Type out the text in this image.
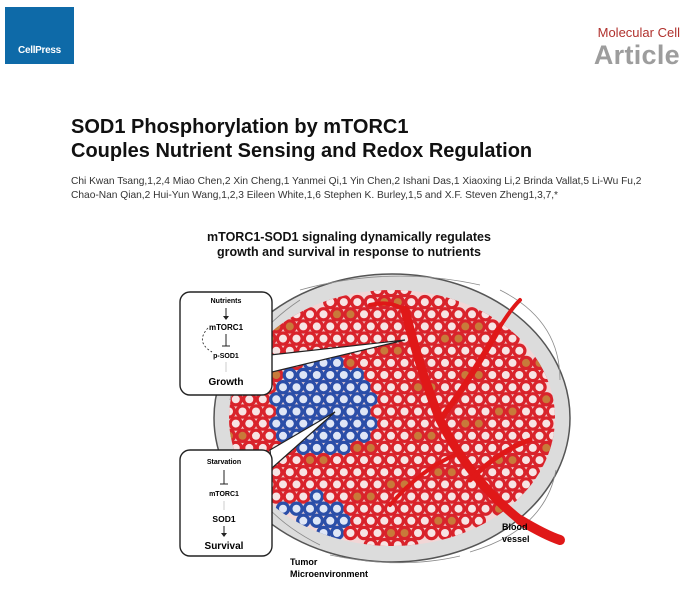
CellPress
Molecular Cell
Article
SOD1 Phosphorylation by mTORC1
Couples Nutrient Sensing and Redox Regulation
Chi Kwan Tsang,1,2,4 Miao Chen,2 Xin Cheng,1 Yanmei Qi,1 Yin Chen,2 Ishani Das,1 Xiaoxing Li,2 Brinda Vallat,5 Li-Wu Fu,2
Chao-Nan Qian,2 Hui-Yun Wang,1,2,3 Eileen White,1,6 Stephen K. Burley,1,5 and X.F. Steven Zheng1,3,7,*

mTORC1-SOD1 signaling dynamically regulates
growth and survival in response to nutrients
Nutrients
mTORC1
p-SOD1
Growth
Starvation
mTORC1
SOD1
Survival
Blood
vessel
Tumor
Microenvironment
